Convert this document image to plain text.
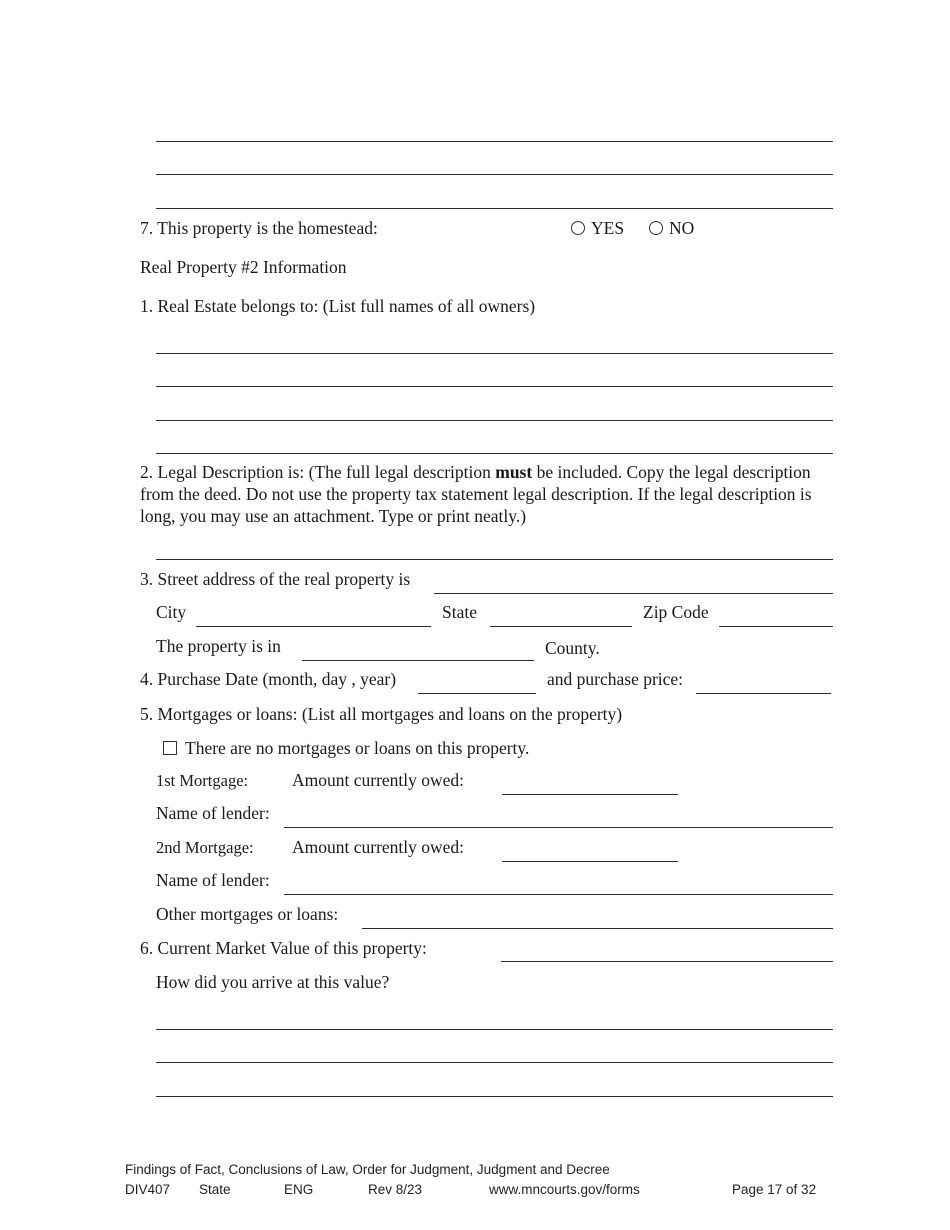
7. This property is the homestead:	YES	NO
Real Property #2 Information
1. Real Estate belongs to: (List full names of all owners)
2. Legal Description is: (The full legal description must be included. Copy the legal description from the deed. Do not use the property tax statement legal description. If the legal description is long, you may use an attachment. Type or print neatly.)
3. Street address of the real property is
City	State	Zip Code
The property is in	County.
4. Purchase Date (month, day , year)	and purchase price:
5. Mortgages or loans: (List all mortgages and loans on the property)
There are no mortgages or loans on this property.
1st Mortgage:	Amount currently owed:
Name of lender:
2nd Mortgage: Amount currently owed:
Name of lender:
Other mortgages or loans:
6. Current Market Value of this property:
How did you arrive at this value?
Findings of Fact, Conclusions of Law, Order for Judgment, Judgment and Decree
DIV407 State	ENG	Rev 8/23	www.mncourts.gov/forms	Page 17 of 32
